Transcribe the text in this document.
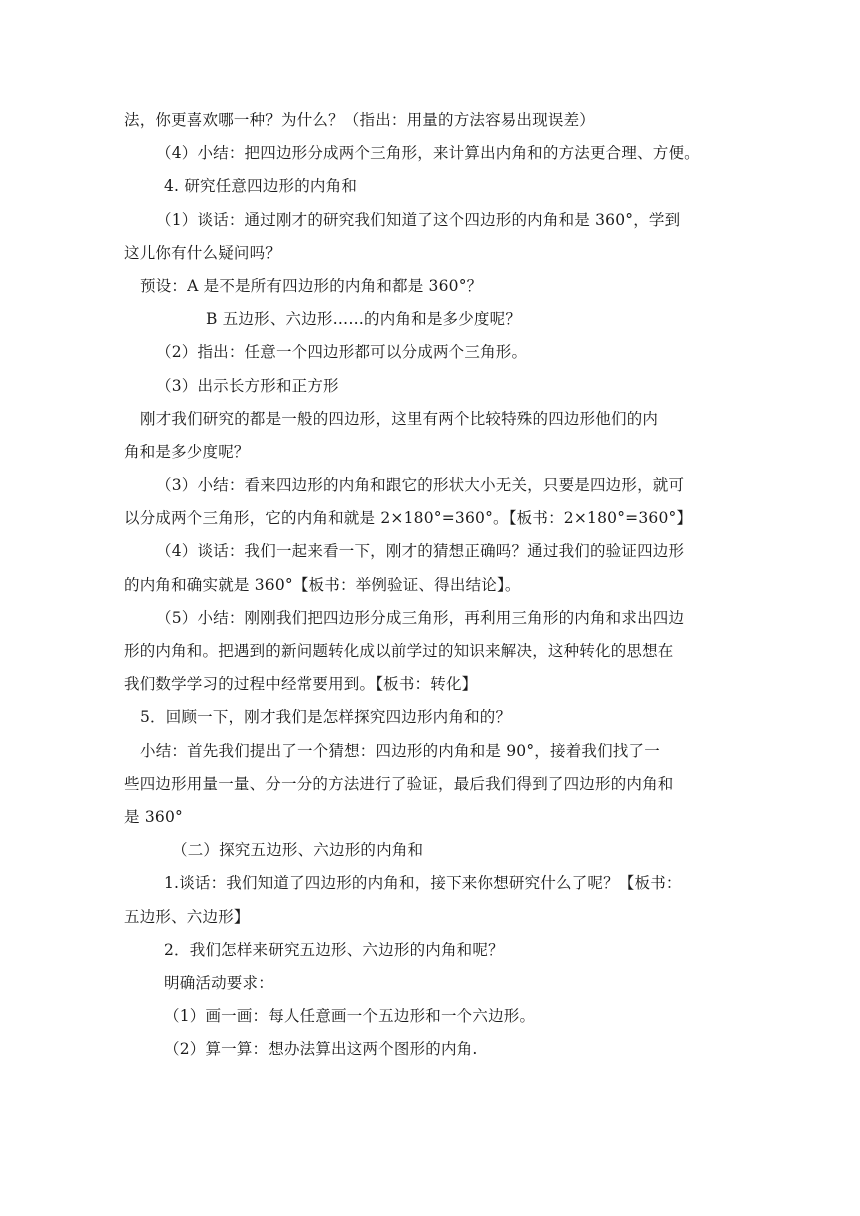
法，你更喜欢哪一种？为什么？（指出：用量的方法容易出现误差）
（4）小结：把四边形分成两个三角形，来计算出内角和的方法更合理、方便。
4. 研究任意四边形的内角和
（1）谈话：通过刚才的研究我们知道了这个四边形的内角和是 360°，学到
这儿你有什么疑问吗？
预设：A 是不是所有四边形的内角和都是 360°？
B 五边形、六边形……的内角和是多少度呢？
（2）指出：任意一个四边形都可以分成两个三角形。
（3）出示长方形和正方形
刚才我们研究的都是一般的四边形，这里有两个比较特殊的四边形他们的内
角和是多少度呢？
（3）小结：看来四边形的内角和跟它的形状大小无关，只要是四边形，就可
以分成两个三角形，它的内角和就是 2×180°=360°。【板书：2×180°=360°】
（4）谈话：我们一起来看一下，刚才的猜想正确吗？通过我们的验证四边形
的内角和确实就是 360°【板书：举例验证、得出结论】。
（5）小结：刚刚我们把四边形分成三角形，再利用三角形的内角和求出四边
形的内角和。把遇到的新问题转化成以前学过的知识来解决，这种转化的思想在
我们数学学习的过程中经常要用到。【板书：转化】
5．回顾一下，刚才我们是怎样探究四边形内角和的？
小结：首先我们提出了一个猜想：四边形的内角和是 90°，接着我们找了一
些四边形用量一量、分一分的方法进行了验证，最后我们得到了四边形的内角和
是 360°
（二）探究五边形、六边形的内角和
1.谈话：我们知道了四边形的内角和，接下来你想研究什么了呢？【板书：
五边形、六边形】
2．我们怎样来研究五边形、六边形的内角和呢？
明确活动要求：
（1）画一画：每人任意画一个五边形和一个六边形。
（2）算一算：想办法算出这两个图形的内角.
